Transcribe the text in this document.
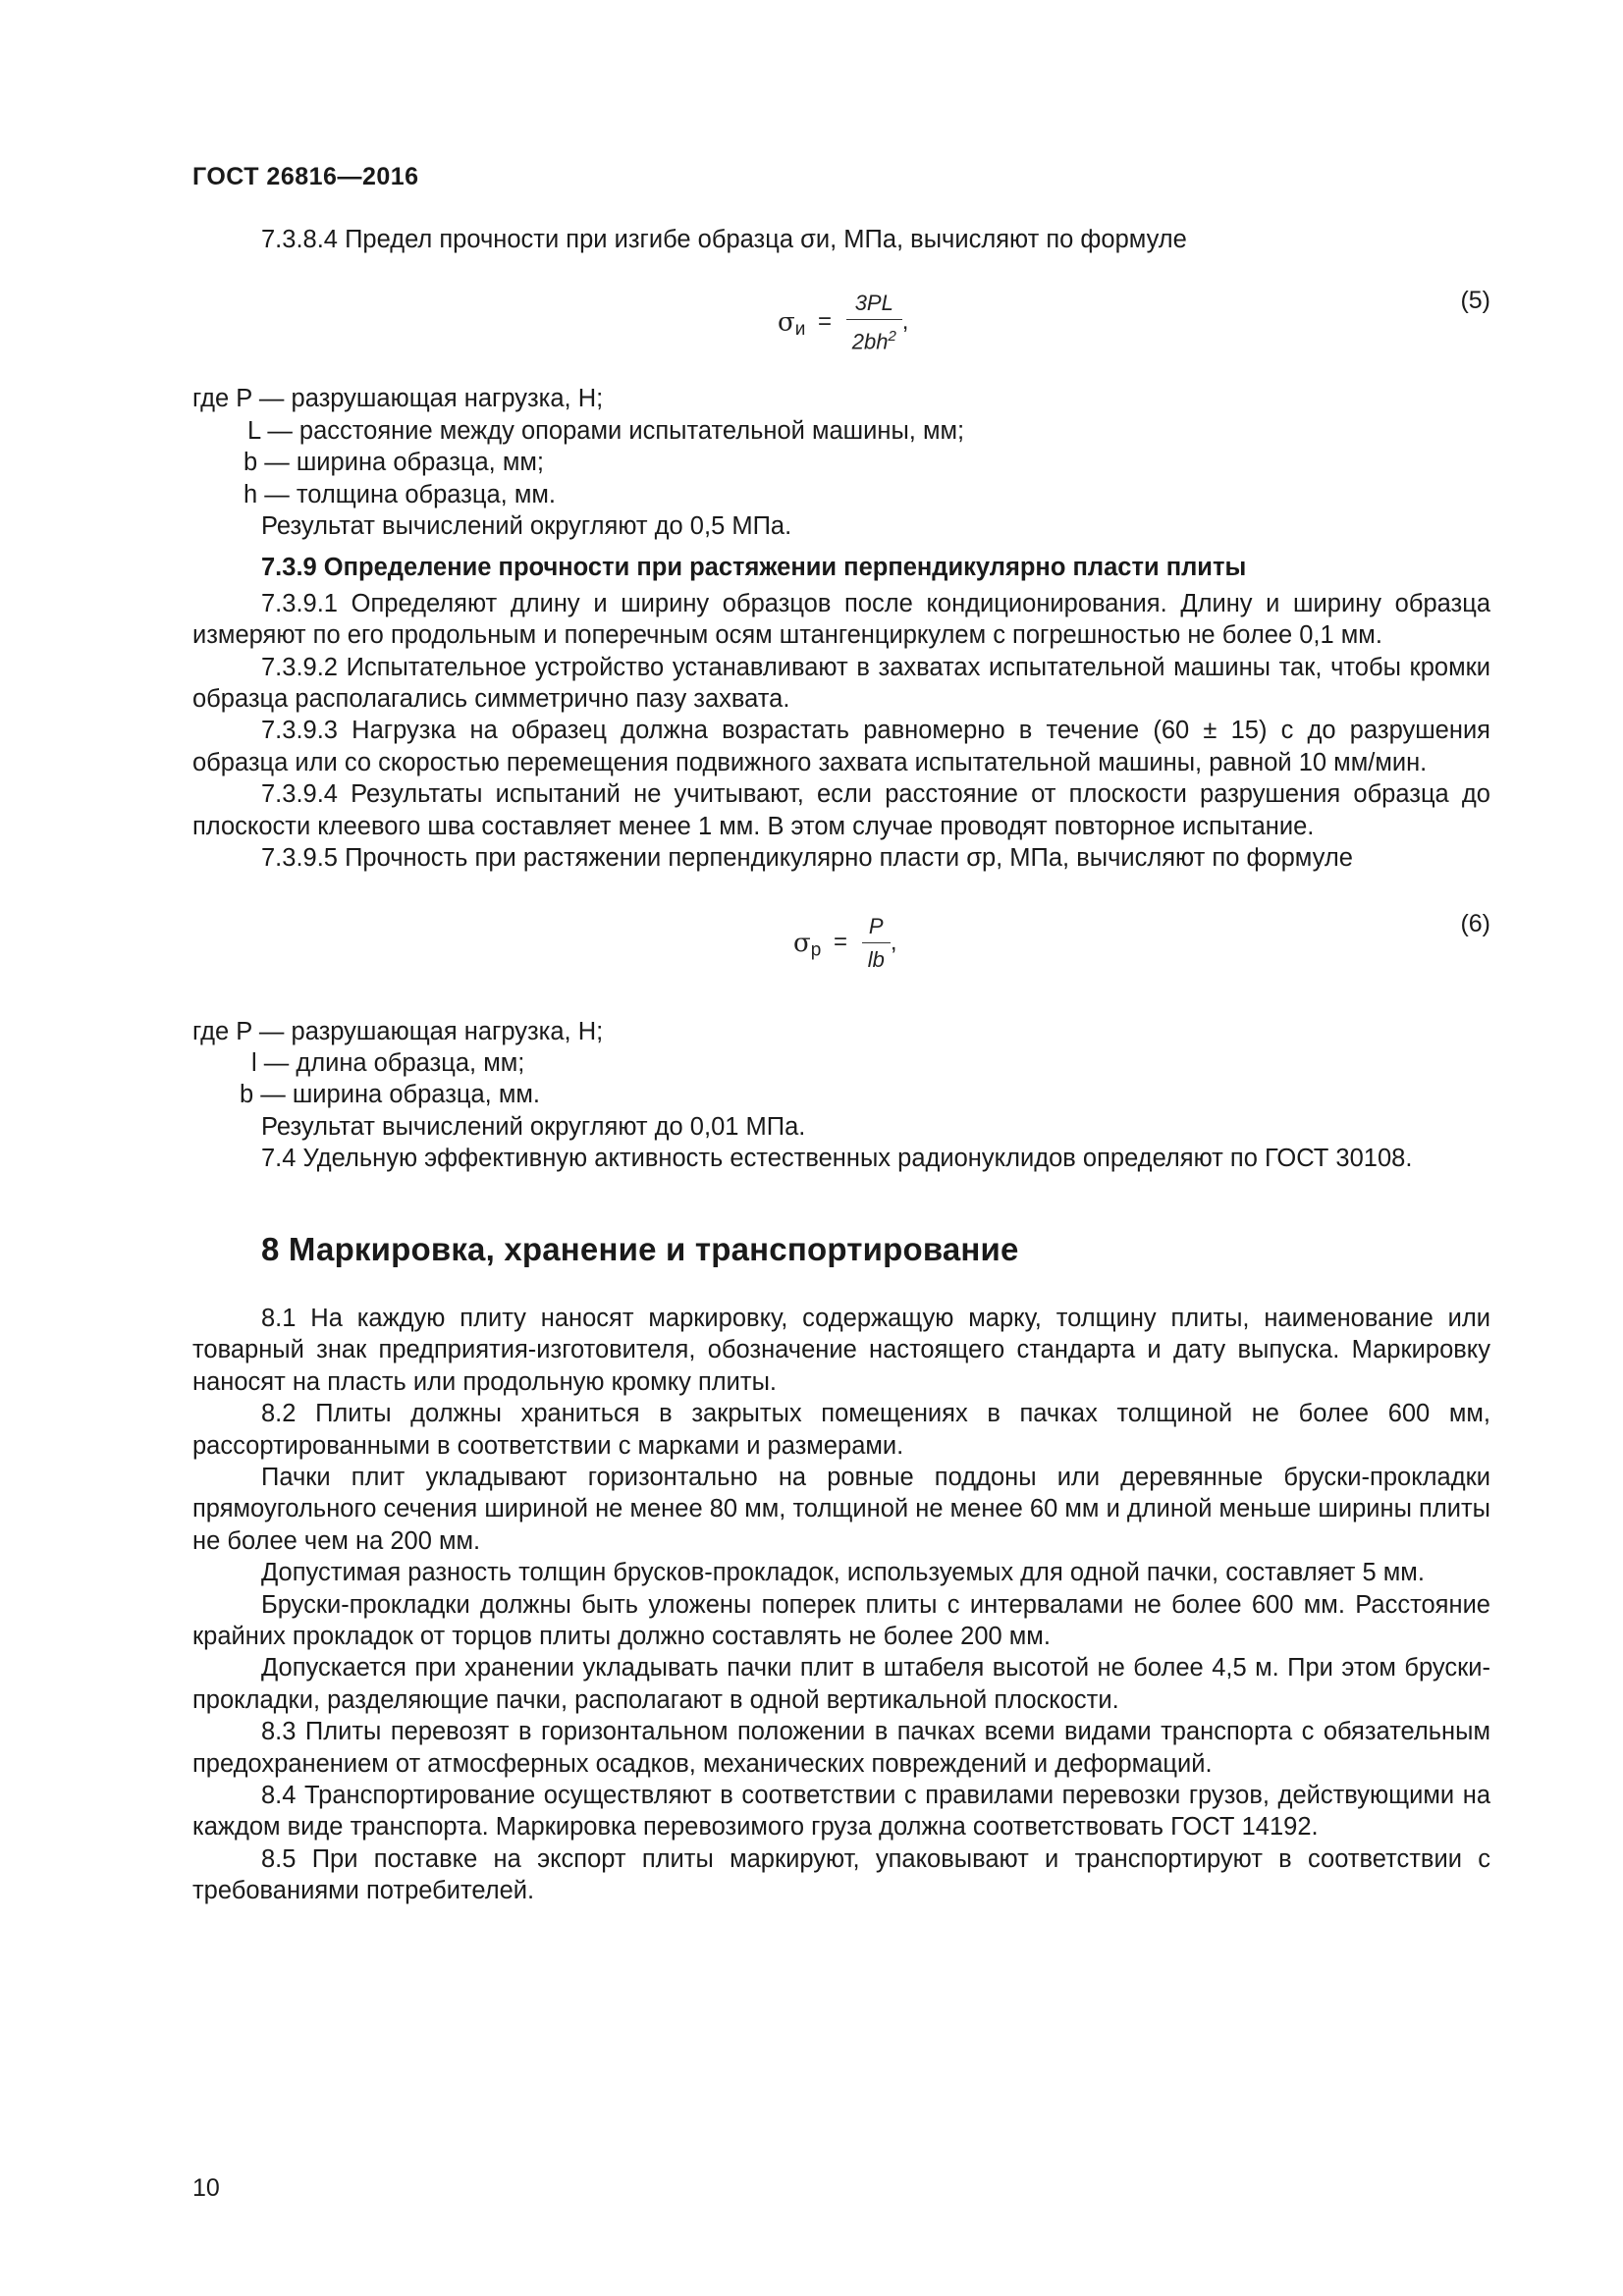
ГОСТ 26816—2016

7.3.8.4 Предел прочности при изгибе образца σи, МПа, вычисляют по формуле

$\sigma_и = \frac{3PL}{2bh^2}$ ,
(5)
где P — разрушающая нагрузка, Н;
L — расстояние между опорами испытательной машины, мм;
b — ширина образца, мм;
h — толщина образца, мм.

Результат вычислений округляют до 0,5 МПа.

7.3.9 Определение прочности при растяжении перпендикулярно пласти плиты

7.3.9.1 Определяют длину и ширину образцов после кондиционирования. Длину и ширину образца измеряют по его продольным и поперечным осям штангенциркулем с погрешностью не более 0,1 мм.

7.3.9.2 Испытательное устройство устанавливают в захватах испытательной машины так, чтобы кромки образца располагались симметрично пазу захвата.

7.3.9.3 Нагрузка на образец должна возрастать равномерно в течение (60 ± 15) с до разрушения образца или со скоростью перемещения подвижного захвата испытательной машины, равной 10 мм/мин.

7.3.9.4 Результаты испытаний не учитывают, если расстояние от плоскости разрушения образца до плоскости клеевого шва составляет менее 1 мм. В этом случае проводят повторное испытание.

7.3.9.5 Прочность при растяжении перпендикулярно пласти σр, МПа, вычисляют по формуле

$\sigma_р = \frac{P}{lb}$ ,
(6)
где P — разрушающая нагрузка, Н;
l — длина образца, мм;
b — ширина образца, мм.

Результат вычислений округляют до 0,01 МПа.

7.4 Удельную эффективную активность естественных радионуклидов определяют по ГОСТ 30108.

8 Маркировка, хранение и транспортирование

8.1 На каждую плиту наносят маркировку, содержащую марку, толщину плиты, наименование или товарный знак предприятия-изготовителя, обозначение настоящего стандарта и дату выпуска. Маркировку наносят на пласть или продольную кромку плиты.

8.2 Плиты должны храниться в закрытых помещениях в пачках толщиной не более 600 мм, рассортированными в соответствии с марками и размерами.

Пачки плит укладывают горизонтально на ровные поддоны или деревянные бруски-прокладки прямоугольного сечения шириной не менее 80 мм, толщиной не менее 60 мм и длиной меньше ширины плиты не более чем на 200 мм.

Допустимая разность толщин брусков-прокладок, используемых для одной пачки, составляет 5 мм.

Бруски-прокладки должны быть уложены поперек плиты с интервалами не более 600 мм. Расстояние крайних прокладок от торцов плиты должно составлять не более 200 мм.

Допускается при хранении укладывать пачки плит в штабеля высотой не более 4,5 м. При этом бруски-прокладки, разделяющие пачки, располагают в одной вертикальной плоскости.

8.3 Плиты перевозят в горизонтальном положении в пачках всеми видами транспорта с обязательным предохранением от атмосферных осадков, механических повреждений и деформаций.

8.4 Транспортирование осуществляют в соответствии с правилами перевозки грузов, действующими на каждом виде транспорта. Маркировка перевозимого груза должна соответствовать ГОСТ 14192.

8.5 При поставке на экспорт плиты маркируют, упаковывают и транспортируют в соответствии с требованиями потребителей.

10
